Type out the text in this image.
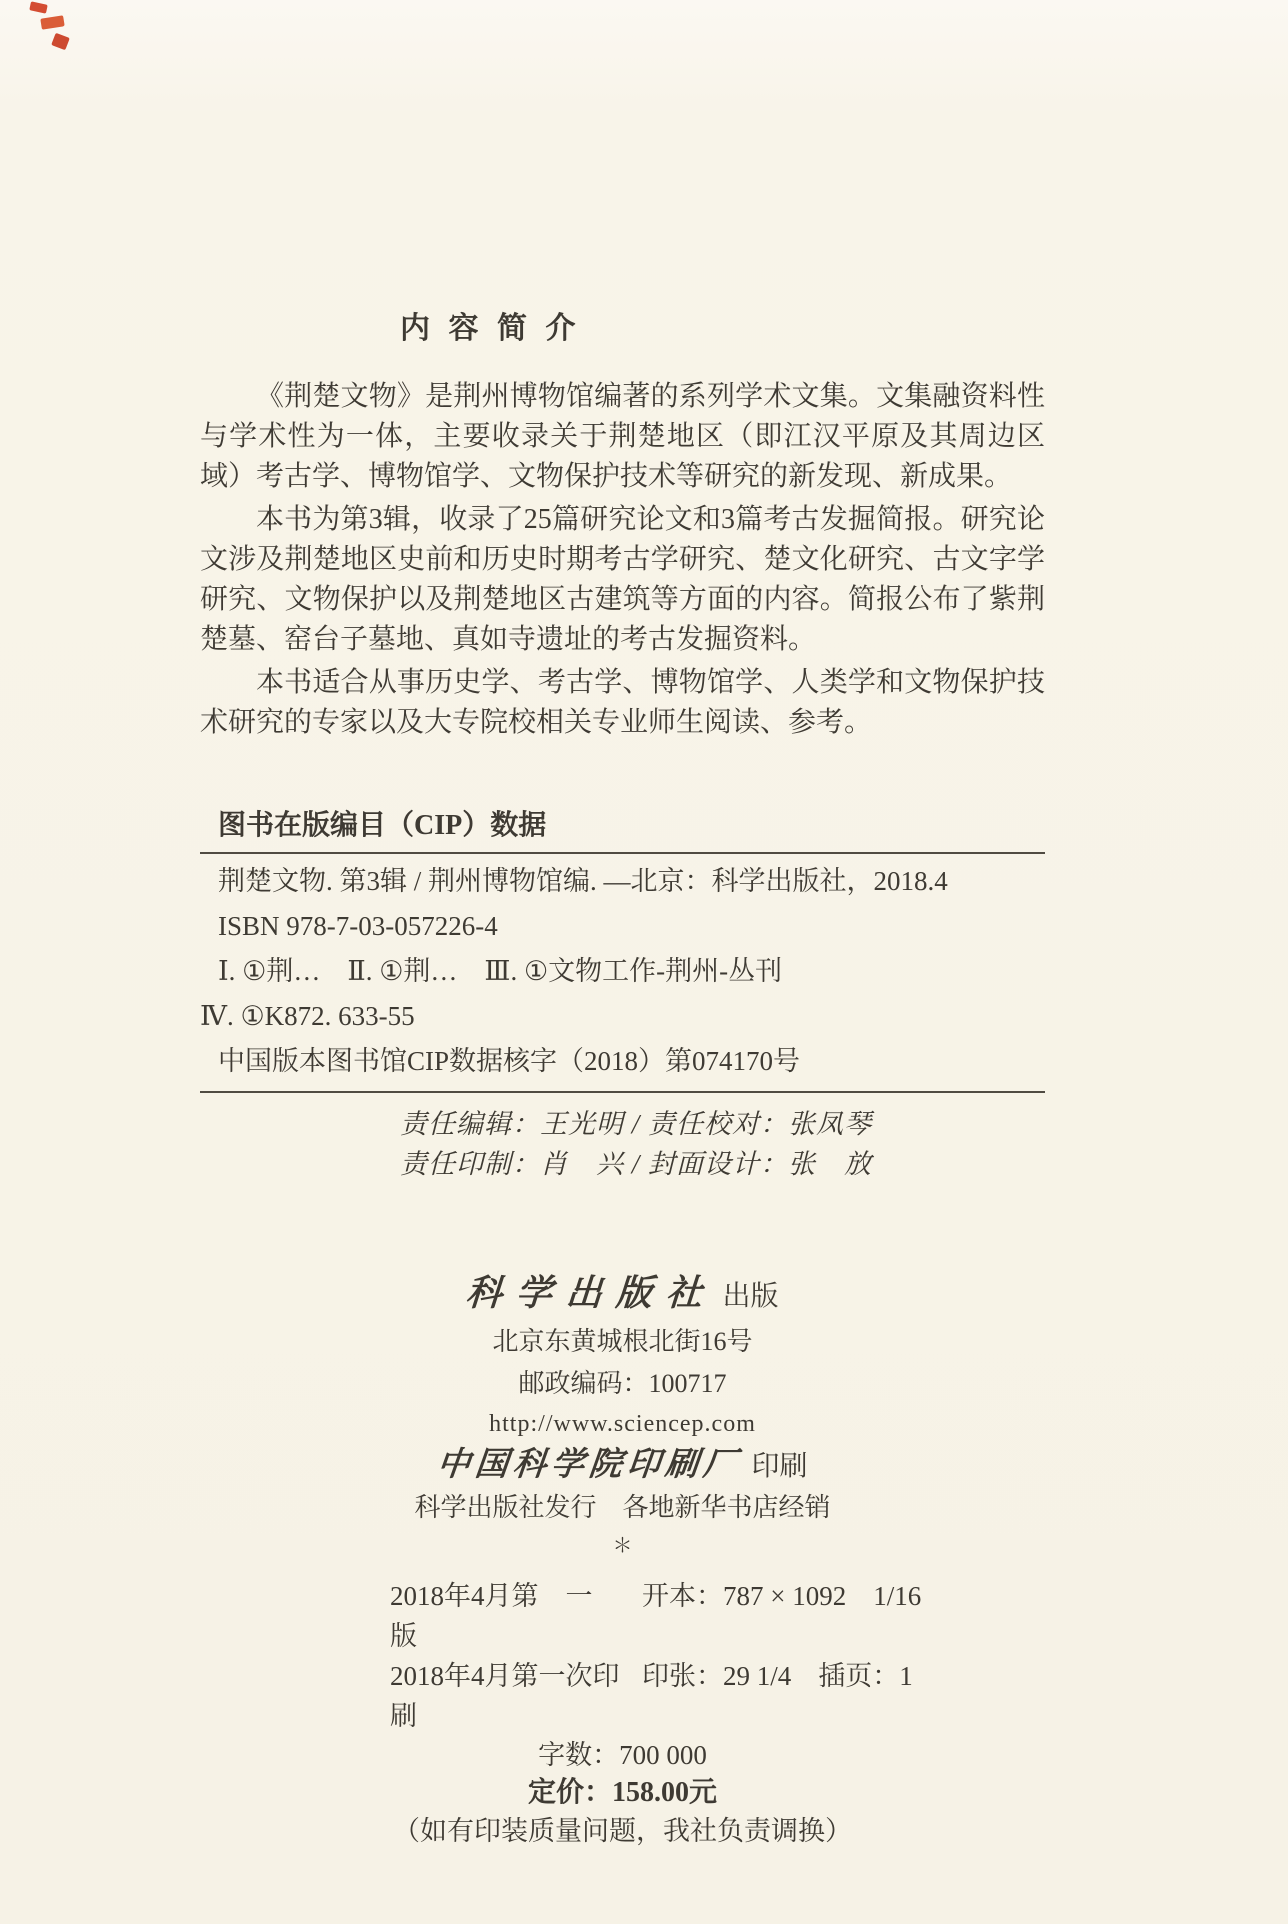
内 容 简 介

《荆楚文物》是荆州博物馆编著的系列学术文集。文集融资料性与学术性为一体，主要收录关于荆楚地区（即江汉平原及其周边区域）考古学、博物馆学、文物保护技术等研究的新发现、新成果。

本书为第3辑，收录了25篇研究论文和3篇考古发掘简报。研究论文涉及荆楚地区史前和历史时期考古学研究、楚文化研究、古文字学研究、文物保护以及荆楚地区古建筑等方面的内容。简报公布了紫荆楚墓、窑台子墓地、真如寺遗址的考古发掘资料。

本书适合从事历史学、考古学、博物馆学、人类学和文物保护技术研究的专家以及大专院校相关专业师生阅读、参考。

图书在版编目（CIP）数据

荆楚文物. 第3辑 / 荆州博物馆编. —北京：科学出版社，2018.4

ISBN 978-7-03-057226-4

Ⅰ. ①荆…　Ⅱ. ①荆…　Ⅲ. ①文物工作-荆州-丛刊

Ⅳ. ①K872. 633-55

中国版本图书馆CIP数据核字（2018）第074170号

责任编辑：王光明 / 责任校对：张凤琴

责任印制：肖　兴 / 封面设计：张　放

科学出版社 出版

北京东黄城根北街16号

邮政编码：100717

http://www.sciencep.com

中国科学院印刷厂 印刷

科学出版社发行　各地新华书店经销

＊

2018年4月第　一　版
开本：787 × 1092　1/16
2018年4月第一次印刷
印张：29 1/4　插页：1

字数：700 000

定价：158.00元

（如有印装质量问题，我社负责调换）
